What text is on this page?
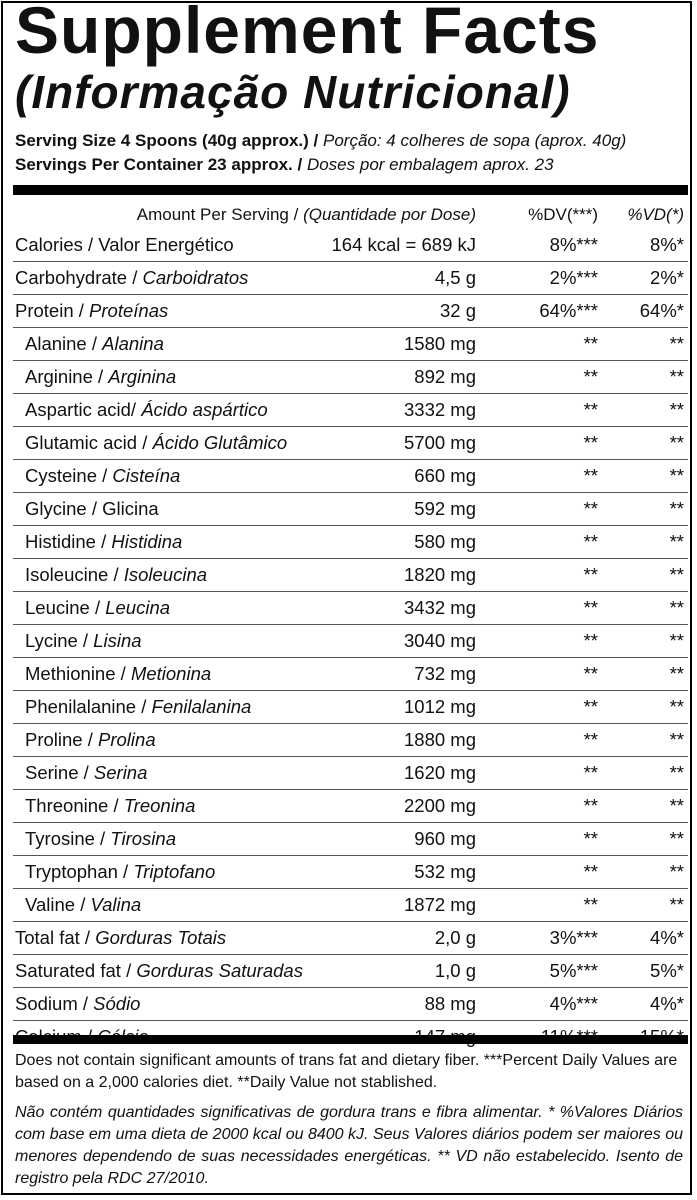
Supplement Facts
(Informação Nutricional)
Serving Size 4 Spoons (40g approx.) / Porção: 4 colheres de sopa (aprox. 40g)
Servings Per Container 23 approx. / Doses por embalagem aprox. 23
Amount Per Serving / (Quantidade por Dose)		%DV(***)	%VD(*)
Calories / Valor Energético	164 kcal = 689 kJ	8%***	8%*
Carbohydrate / Carboidratos	4,5 g	2%***	2%*
Protein / Proteínas	32 g	64%***	64%*
Alanine / Alanina	1580 mg	**	**
Arginine / Arginina	892 mg	**	**
Aspartic acid/ Ácido aspártico	3332 mg	**	**
Glutamic acid / Ácido Glutâmico	5700 mg	**	**
Cysteine / Cisteína	660 mg	**	**
Glycine / Glicina	592 mg	**	**
Histidine / Histidina	580 mg	**	**
Isoleucine / Isoleucina	1820 mg	**	**
Leucine / Leucina	3432 mg	**	**
Lycine / Lisina	3040 mg	**	**
Methionine / Metionina	732 mg	**	**
Phenilalanine / Fenilalanina	1012 mg	**	**
Proline / Prolina	1880 mg	**	**
Serine / Serina	1620 mg	**	**
Threonine / Treonina	2200 mg	**	**
Tyrosine / Tirosina	960 mg	**	**
Tryptophan / Triptofano	532 mg	**	**
Valine / Valina	1872 mg	**	**
Total fat / Gorduras Totais	2,0 g	3%***	4%*
Saturated fat / Gorduras Saturadas	1,0 g	5%***	5%*
Sodium / Sódio	88 mg	4%***	4%*

Does not contain significant amounts of trans fat and dietary fiber. ***Percent Daily Values are based on a 2,000 calories diet. **Daily Value not stablished.
Não contém quantidades significativas de gordura trans e fibra alimentar. * %Valores Diários com base em uma dieta de 2000 kcal ou 8400 kJ. Seus Valores diários podem ser maiores ou menores dependendo de suas necessidades energéticas. ** VD não estabelecido. Isento de registro pela RDC 27/2010.
